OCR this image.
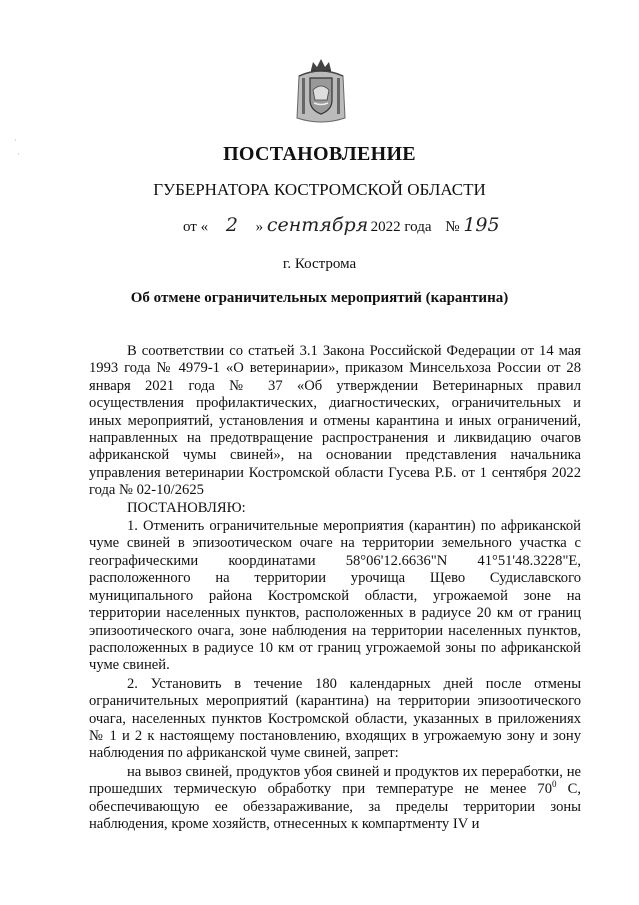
ПОСТАНОВЛЕНИЕ
ГУБЕРНАТОРА КОСТРОМСКОЙ ОБЛАСТИ
от « 2 » сентября 2022 года № 195
г. Кострома
Об отмене ограничительных мероприятий (карантина)

В соответствии со статьей 3.1 Закона Российской Федерации от 14 мая 1993 года № 4979-1 «О ветеринарии», приказом Минсельхоза России от 28 января 2021 года № 37 «Об утверждении Ветеринарных правил осуществления профилактических, диагностических, ограничительных и иных мероприятий, установления и отмены карантина и иных ограничений, направленных на предотвращение распространения и ликвидацию очагов африканской чумы свиней», на основании представления начальника управления ветеринарии Костромской области Гусева Р.Б. от 1 сентября 2022 года № 02-10/2625

ПОСТАНОВЛЯЮ:

1. Отменить ограничительные мероприятия (карантин) по африканской чуме свиней в эпизоотическом очаге на территории земельного участка с географическими координатами 58°06'12.6636"N 41°51'48.3228"E, расположенного на территории урочища Щево Судиславского муниципального района Костромской области, угрожаемой зоне на территории населенных пунктов, расположенных в радиусе 20 км от границ эпизоотического очага, зоне наблюдения на территории населенных пунктов, расположенных в радиусе 10 км от границ угрожаемой зоны по африканской чуме свиней.

2. Установить в течение 180 календарных дней после отмены ограничительных мероприятий (карантина) на территории эпизоотического очага, населенных пунктов Костромской области, указанных в приложениях № 1 и 2 к настоящему постановлению, входящих в угрожаемую зону и зону наблюдения по африканской чуме свиней, запрет:

на вывоз свиней, продуктов убоя свиней и продуктов их переработки, не прошедших термическую обработку при температуре не менее $70^0$ С, обеспечивающую ее обеззараживание, за пределы территории зоны наблюдения, кроме хозяйств, отнесенных к компартменту IV и

·
·
